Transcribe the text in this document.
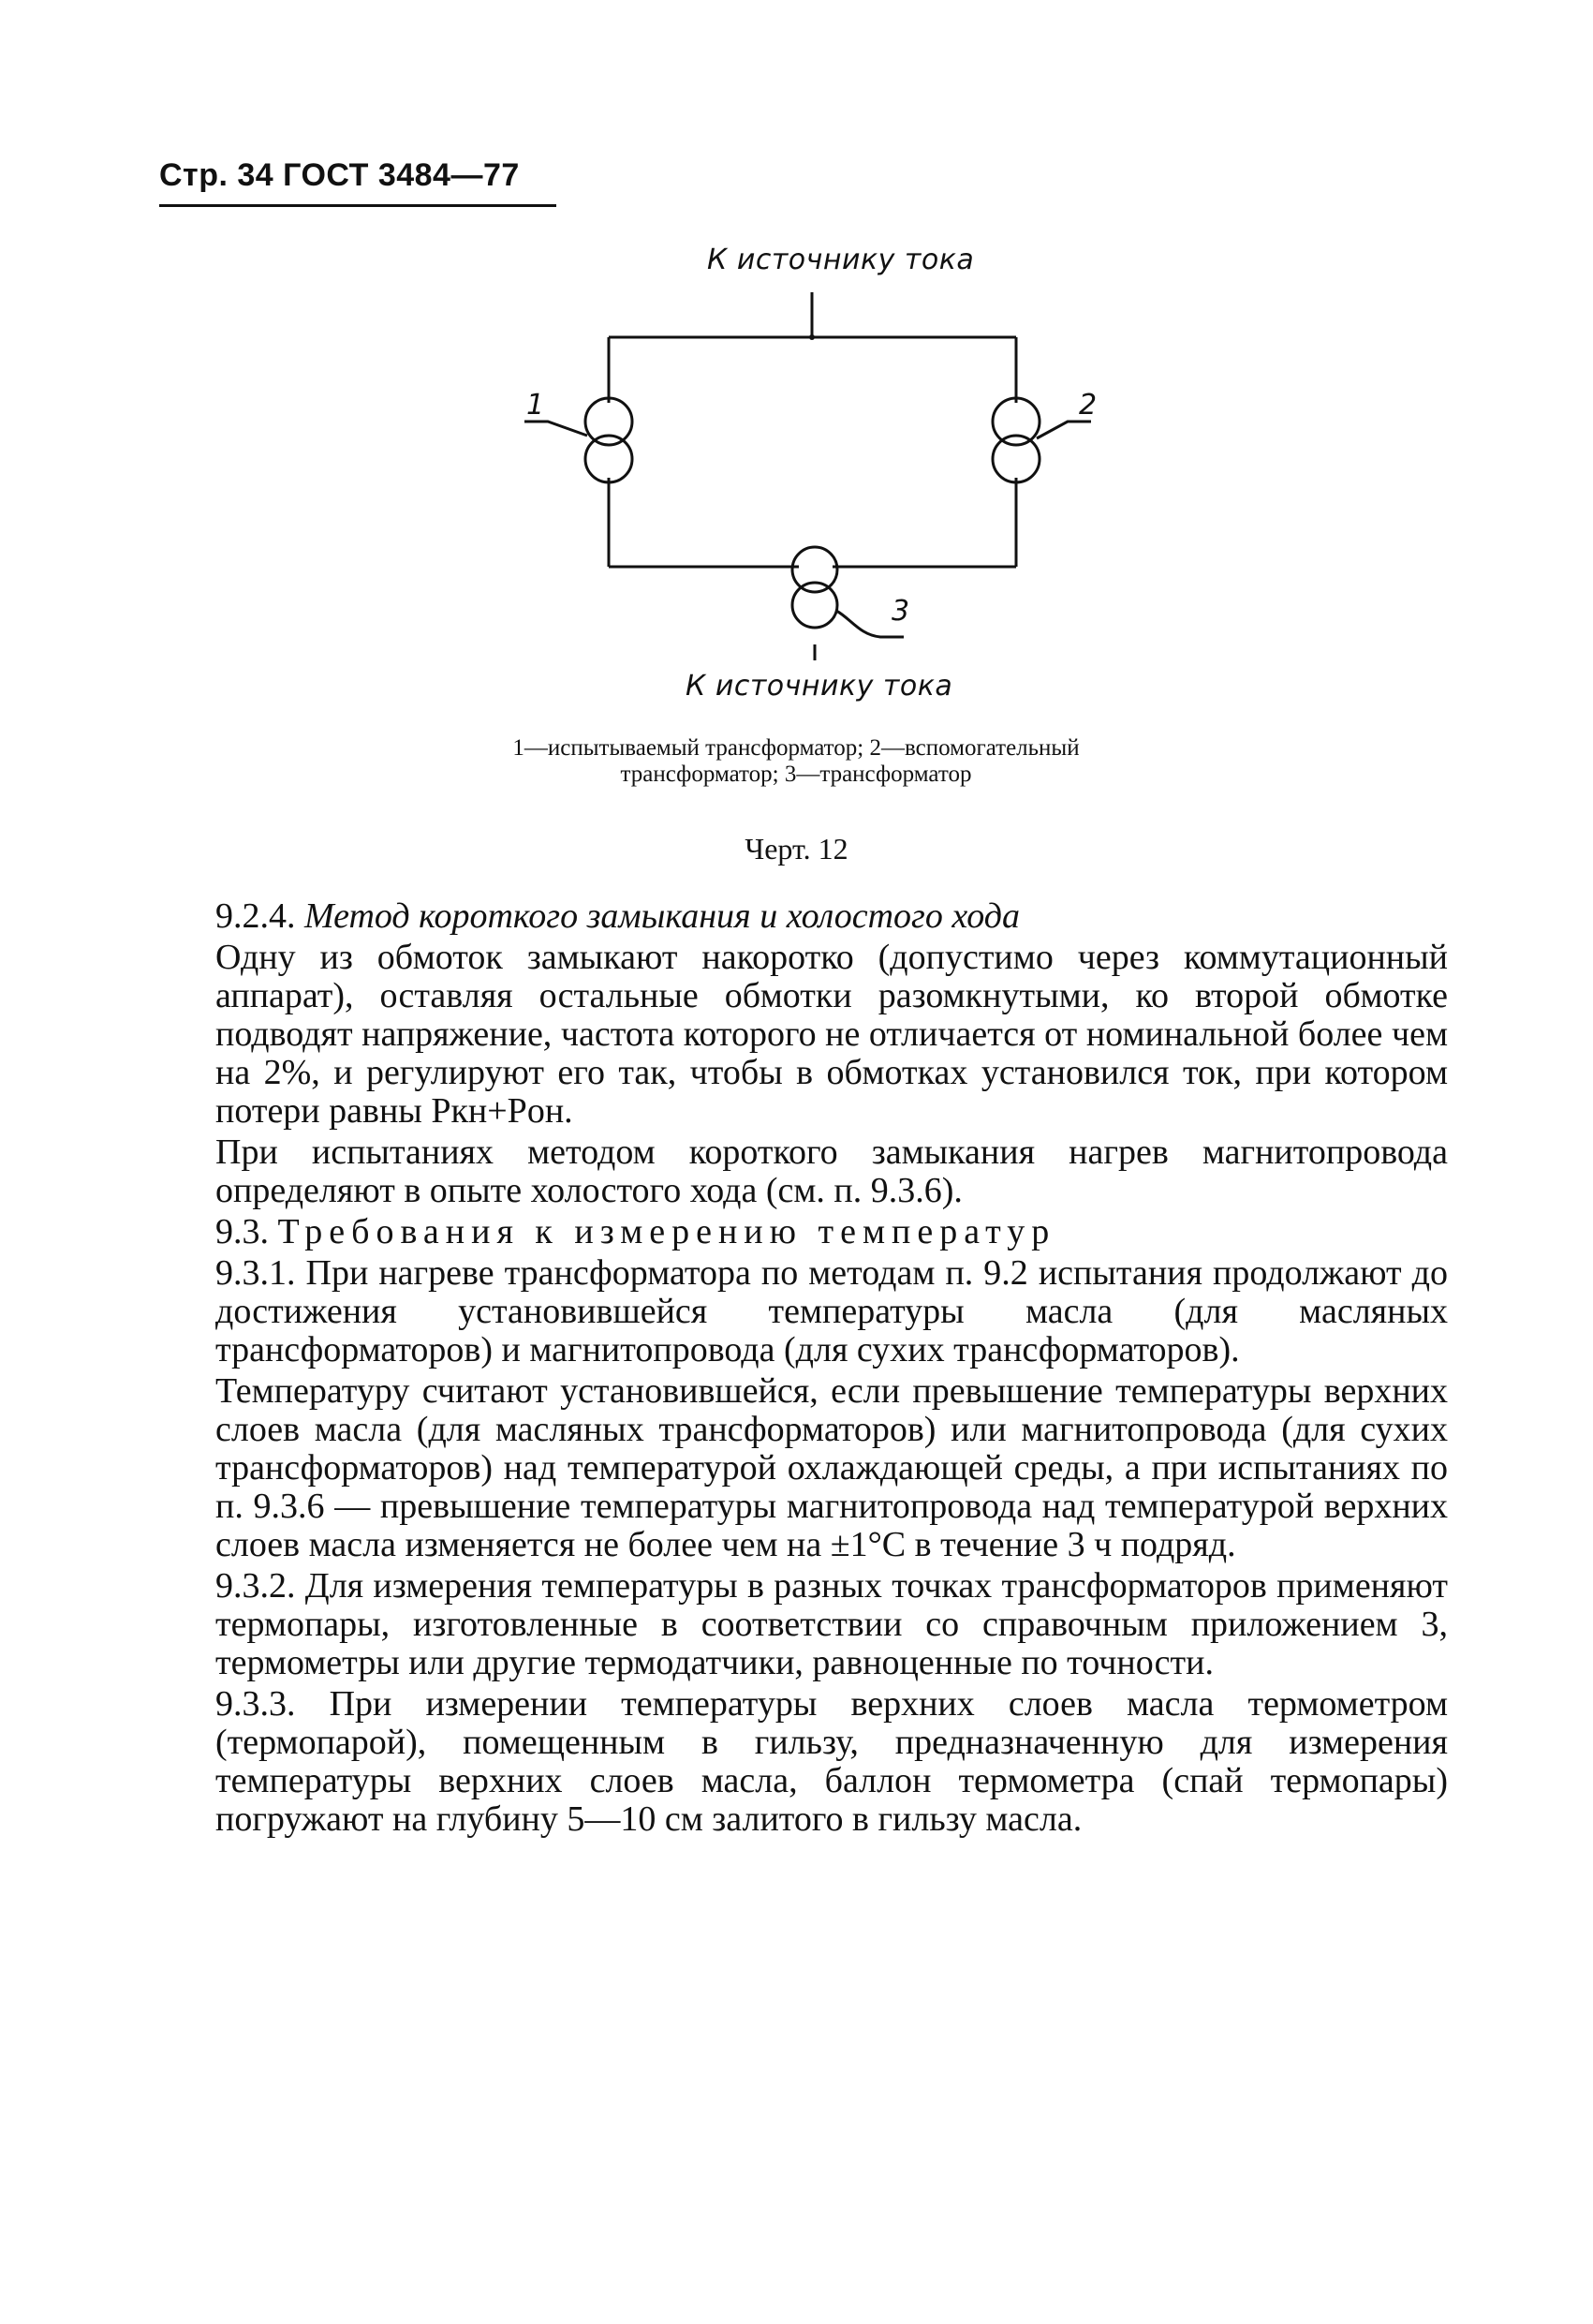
Стр. 34 ГОСТ 3484—77
К источнику тока
1	2
3
К источнику тока
1—испытываемый трансформатор; 2—вспомогательный трансформатор; 3—трансформатор
Черт. 12

9.2.4. Метод короткого замыкания и холостого хода

Одну из обмоток замыкают накоротко (допустимо через коммутационный аппарат), оставляя остальные обмотки разомкнутыми, ко второй обмотке подводят напряжение, частота которого не отличается от номинальной более чем на 2%, и регулируют его так, чтобы в обмотках установился ток, при котором потери равны Pкн+Pон.

При испытаниях методом короткого замыкания нагрев магнитопровода определяют в опыте холостого хода (см. п. 9.3.6).

9.3. Требования к измерению температур

9.3.1. При нагреве трансформатора по методам п. 9.2 испытания продолжают до достижения установившейся температуры масла (для масляных трансформаторов) и магнитопровода (для сухих трансформаторов).

Температуру считают установившейся, если превышение температуры верхних слоев масла (для масляных трансформаторов) или магнитопровода (для сухих трансформаторов) над температурой охлаждающей среды, а при испытаниях по п. 9.3.6 — превышение температуры магнитопровода над температурой верхних слоев масла изменяется не более чем на ±1°С в течение 3 ч подряд.

9.3.2. Для измерения температуры в разных точках трансформаторов применяют термопары, изготовленные в соответствии со справочным приложением 3, термометры или другие термодатчики, равноценные по точности.

9.3.3. При измерении температуры верхних слоев масла термометром (термопарой), помещенным в гильзу, предназначенную для измерения температуры верхних слоев масла, баллон термометра (спай термопары) погружают на глубину 5—10 см залитого в гильзу масла.
